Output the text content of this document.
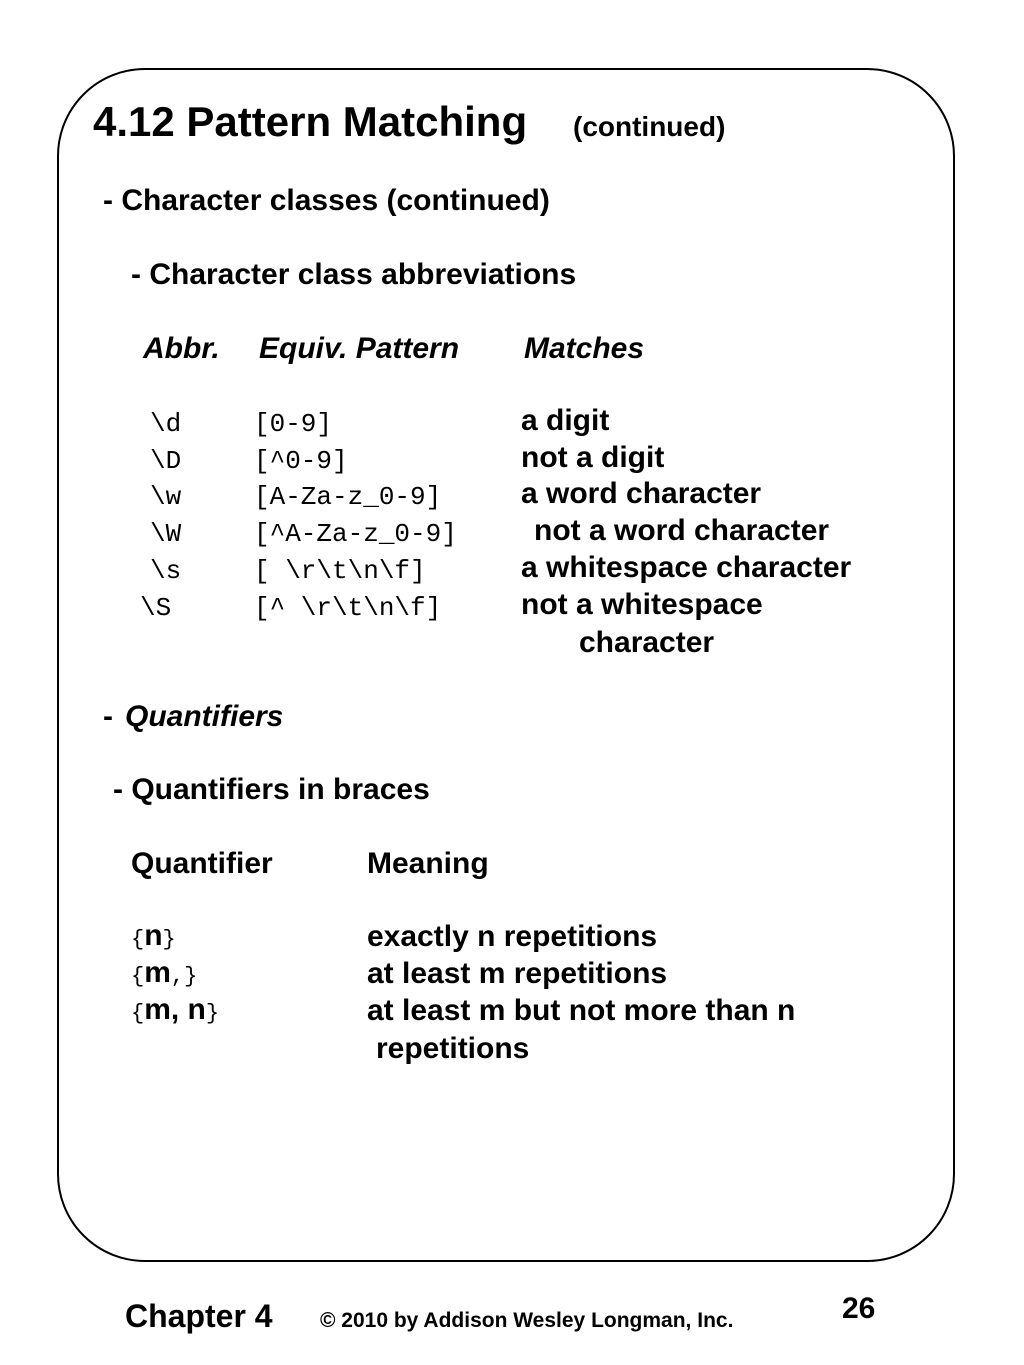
4.12 Pattern Matching (continued)
- Character classes (continued)
- Character class abbreviations
Abbr. Equiv. Pattern Matches
\d	[0-9]	a digit
\D	[^0-9]	not a digit
\w	[A-Za-z_0-9]	a word character
\W	[^A-Za-z_0-9]	not a word character
\s	[ \r\t\n\f]	a whitespace character
\S	[^ \r\t\n\f]	not a whitespace
character
- Quantifiers
- Quantifiers in braces
Quantifier	Meaning
{n}	exactly n repetitions
{m,}	at least m repetitions
{m, n}	at least m but not more than n
repetitions
Chapter 4 © 2010 by Addison Wesley Longman, Inc.	26
